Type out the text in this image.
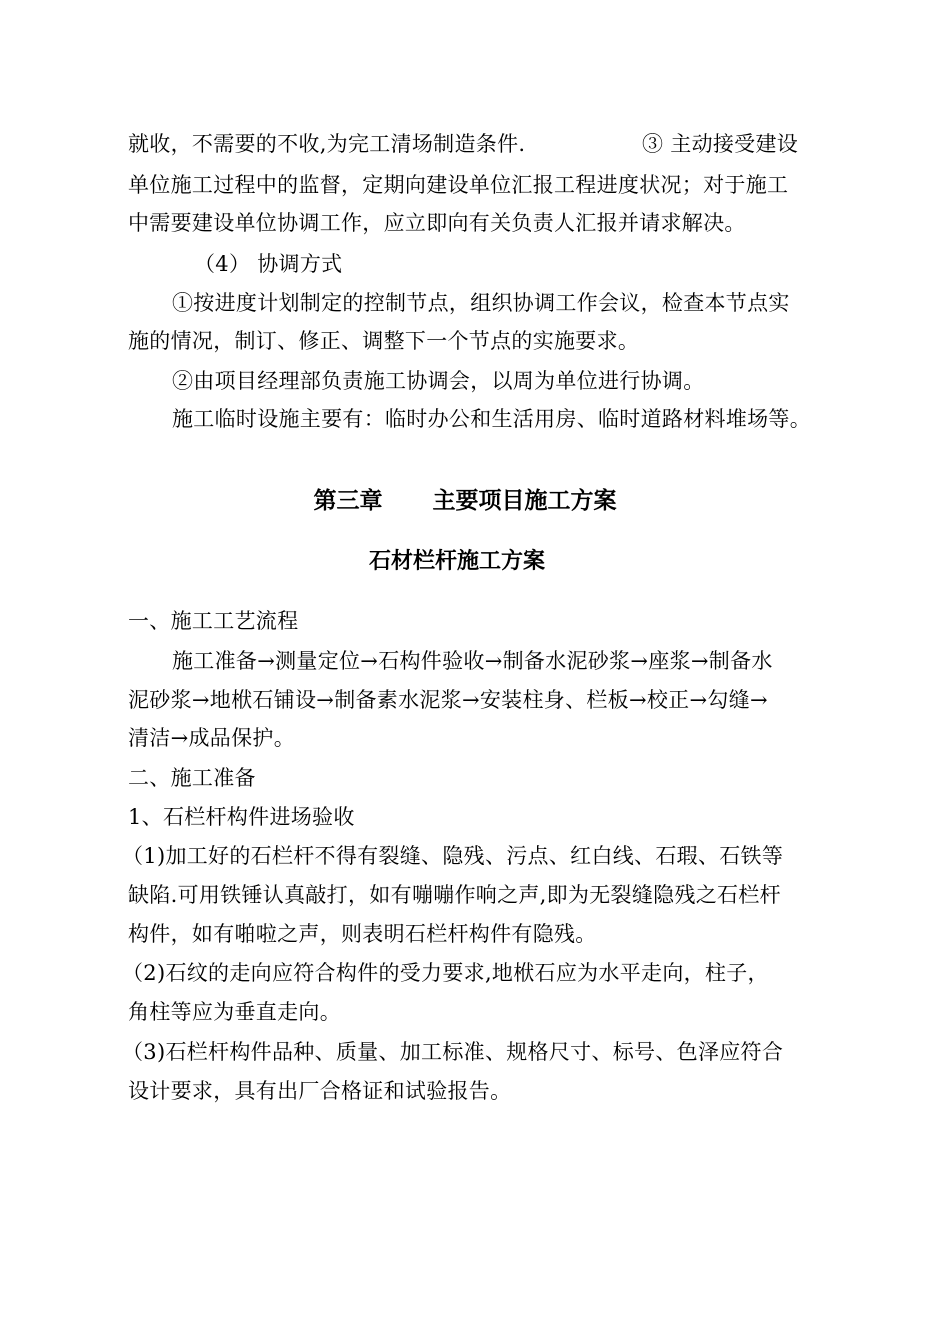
就收，不需要的不收,为完工清场制造条件.	③ 主动接受建设
单位施工过程中的监督，定期向建设单位汇报工程进度状况；对于施工
中需要建设单位协调工作，应立即向有关负责人汇报并请求解决。
（4） 协调方式
①按进度计划制定的控制节点，组织协调工作会议，检查本节点实
施的情况，制订、修正、调整下一个节点的实施要求。
②由项目经理部负责施工协调会，以周为单位进行协调。
施工临时设施主要有：临时办公和生活用房、临时道路材料堆场等。
第三章 主要项目施工方案
石材栏杆施工方案
一、施工工艺流程
施工准备→测量定位→石构件验收→制备水泥砂浆→座浆→制备水
泥砂浆→地栿石铺设→制备素水泥浆→安装柱身、栏板→校正→勾缝→
清洁→成品保护。
二、施工准备
1、石栏杆构件进场验收
（1)加工好的石栏杆不得有裂缝、隐残、污点、红白线、石瑕、石铁等
缺陷.可用铁锤认真敲打，如有嘣嘣作响之声,即为无裂缝隐残之石栏杆
构件，如有啪啦之声，则表明石栏杆构件有隐残。
（2)石纹的走向应符合构件的受力要求,地栿石应为水平走向，柱子，
角柱等应为垂直走向。
（3)石栏杆构件品种、质量、加工标准、规格尺寸、标号、色泽应符合
设计要求，具有出厂合格证和试验报告。
